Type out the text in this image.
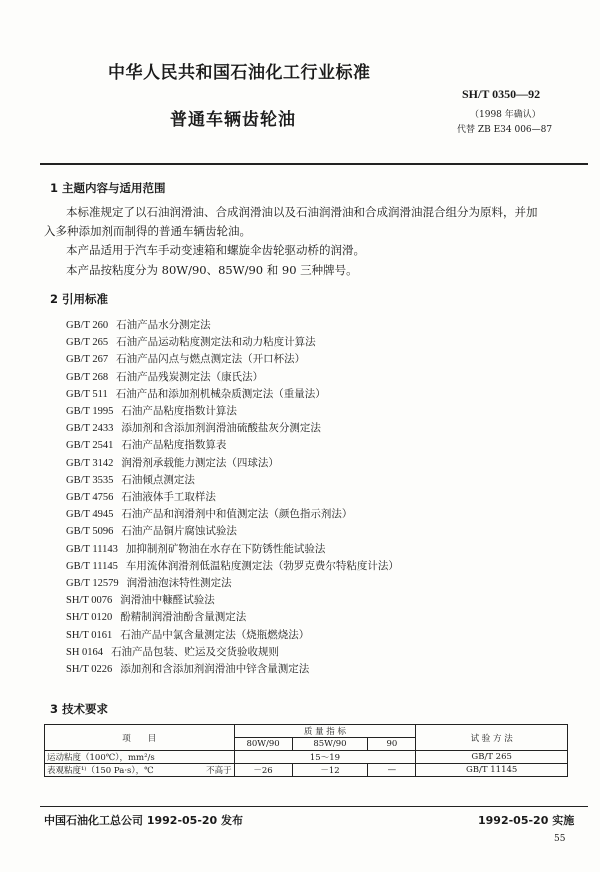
中华人民共和国石油化工行业标准
SH/T 0350—92
（1998 年确认）
代替 ZB E34 006—87
普通车辆齿轮油
1 主题内容与适用范围
本标准规定了以石油润滑油、合成润滑油以及石油润滑油和合成润滑油混合组分为原料，并加
入多种添加剂而制得的普通车辆齿轮油。
本产品适用于汽车手动变速箱和螺旋伞齿轮驱动桥的润滑。
本产品按粘度分为 80W/90、85W/90 和 90 三种牌号。
2 引用标准
GB/T 260 石油产品水分测定法
GB/T 265 石油产品运动粘度测定法和动力粘度计算法
GB/T 267 石油产品闪点与燃点测定法（开口杯法）
GB/T 268 石油产品残炭测定法（康氏法）
GB/T 511 石油产品和添加剂机械杂质测定法（重量法）
GB/T 1995 石油产品粘度指数计算法
GB/T 2433 添加剂和含添加剂润滑油硫酸盐灰分测定法
GB/T 2541 石油产品粘度指数算表
GB/T 3142 润滑剂承载能力测定法（四球法）
GB/T 3535 石油倾点测定法
GB/T 4756 石油液体手工取样法
GB/T 4945 石油产品和润滑剂中和值测定法（颜色指示剂法）
GB/T 5096 石油产品铜片腐蚀试验法
GB/T 11143 加抑制剂矿物油在水存在下防锈性能试验法
GB/T 11145 车用流体润滑剂低温粘度测定法（勃罗克费尔特粘度计法）
GB/T 12579 润滑油泡沫特性测定法
SH/T 0076 润滑油中糠醛试验法
SH/T 0120 酚精制润滑油酚含量测定法
SH/T 0161 石油产品中氯含量测定法（烧瓶燃烧法）
SH 0164 石油产品包装、贮运及交货验收规则
SH/T 0226 添加剂和含添加剂润滑油中锌含量测定法
3 技术要求
项　　目		质 量 指 标			试 验 方 法
		80W/90	85W/90	90	
运动粘度（100℃），mm²/s		15～19			GB/T 265
表观粘度¹⁾（150 Pa·s），℃	不高于	－26	－12	—	GB/T 11145
中国石油化工总公司 1992-05-20 发布	1992-05-20 实施
55
